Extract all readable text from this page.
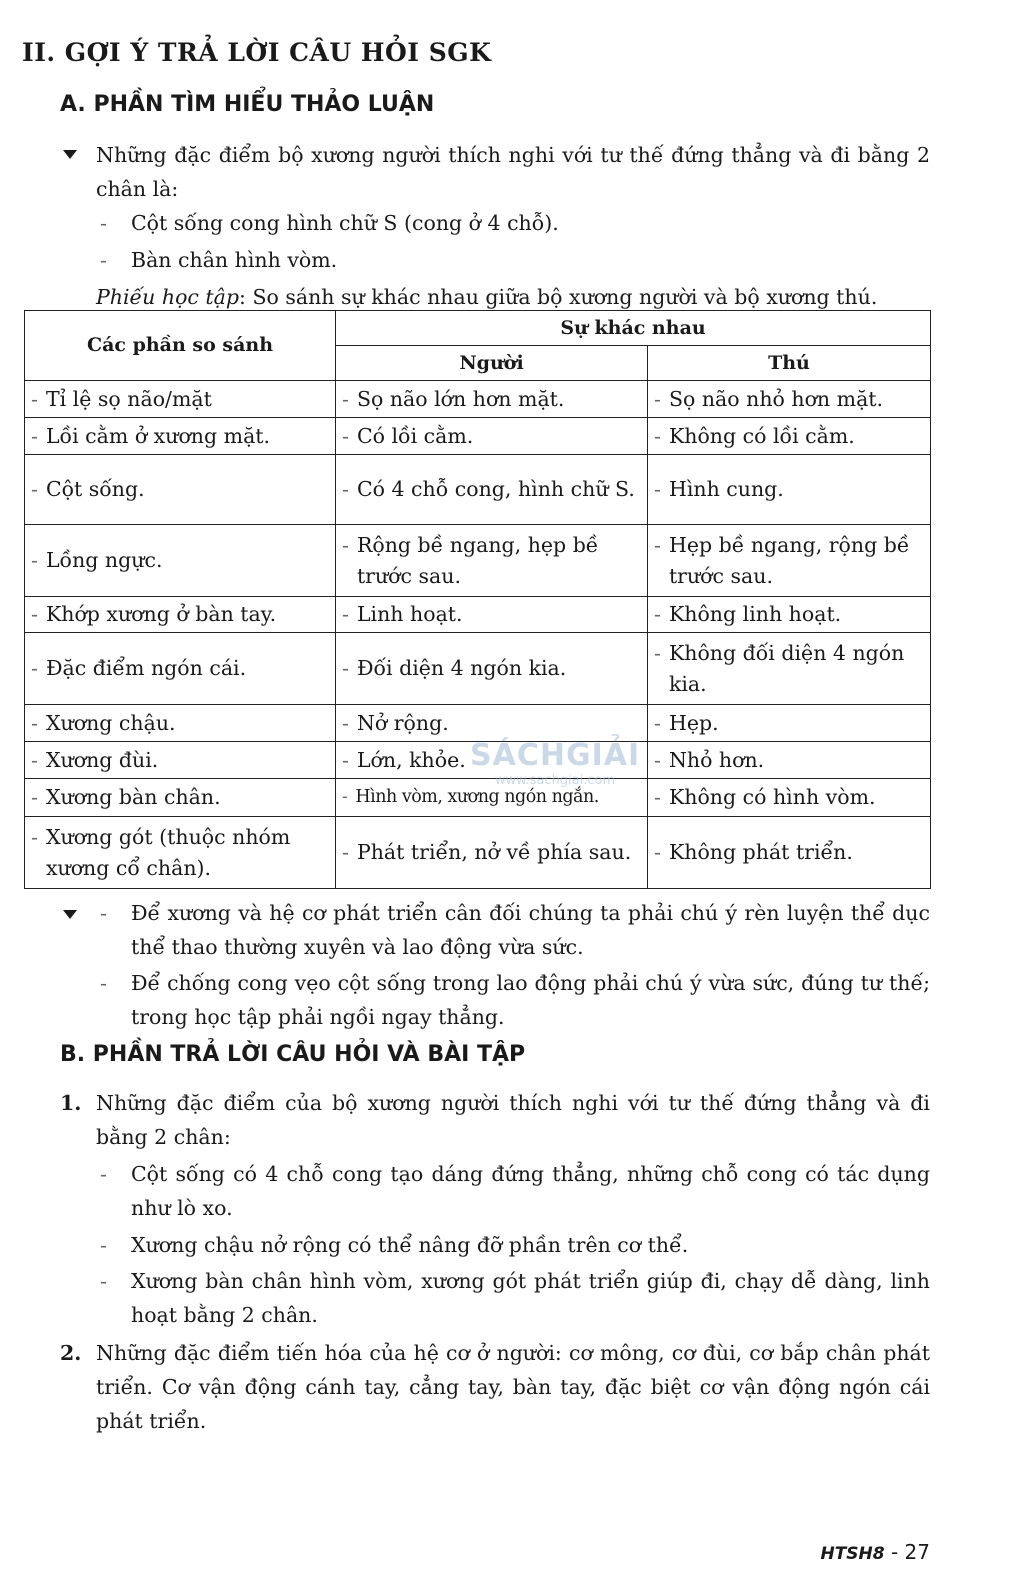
II. GỢI Ý TRẢ LỜI CÂU HỎI SGK
A. PHẦN TÌM HIỂU THẢO LUẬN
Những đặc điểm bộ xương người thích nghi với tư thế đứng thẳng và đi bằng 2 chân là:
- Cột sống cong hình chữ S (cong ở 4 chỗ).
- Bàn chân hình vòm.
Phiếu học tập: So sánh sự khác nhau giữa bộ xương người và bộ xương thú.
Các phần so sánh	Sự khác nhau	
	Người	Thú

- Tỉ lệ sọ não/mặt	- Sọ não lớn hơn mặt.	- Sọ não nhỏ hơn mặt.

- Lồi cằm ở xương mặt.	- Có lồi cằm.	- Không có lồi cằm.

- Cột sống.	- Có 4 chỗ cong, hình chữ S.	- Hình cung.

- Lồng ngực.	- Rộng bề ngang, hẹp bề trước sau.	- Hẹp bề ngang, rộng bề trước sau.

- Khớp xương ở bàn tay.	- Linh hoạt.	- Không linh hoạt.

- Đặc điểm ngón cái.	- Đối diện 4 ngón kia.	- Không đối diện 4 ngón kia.

- Xương chậu.	- Nở rộng.	- Hẹp.

- Xương đùi.	- Lớn, khỏe.	- Nhỏ hơn.

- Xương bàn chân.	- Hình vòm, xương ngón ngắn.	- Không có hình vòm.

- Xương gót (thuộc nhóm xương cổ chân).	- Phát triển, nở về phía sau.	- Không phát triển.
SÁCHGIẢI
www.sachgiai.com
- Để xương và hệ cơ phát triển cân đối chúng ta phải chú ý rèn luyện thể dục thể thao thường xuyên và lao động vừa sức.
- Để chống cong vẹo cột sống trong lao động phải chú ý vừa sức, đúng tư thế; trong học tập phải ngồi ngay thẳng.
B. PHẦN TRẢ LỜI CÂU HỎI VÀ BÀI TẬP
1. Những đặc điểm của bộ xương người thích nghi với tư thế đứng thẳng và đi bằng 2 chân:
- Cột sống có 4 chỗ cong tạo dáng đứng thẳng, những chỗ cong có tác dụng như lò xo.
- Xương chậu nở rộng có thể nâng đỡ phần trên cơ thể.
- Xương bàn chân hình vòm, xương gót phát triển giúp đi, chạy dễ dàng, linh hoạt bằng 2 chân.
2. Những đặc điểm tiến hóa của hệ cơ ở người: cơ mông, cơ đùi, cơ bắp chân phát triển. Cơ vận động cánh tay, cẳng tay, bàn tay, đặc biệt cơ vận động ngón cái phát triển.
HTSH8 - 27
